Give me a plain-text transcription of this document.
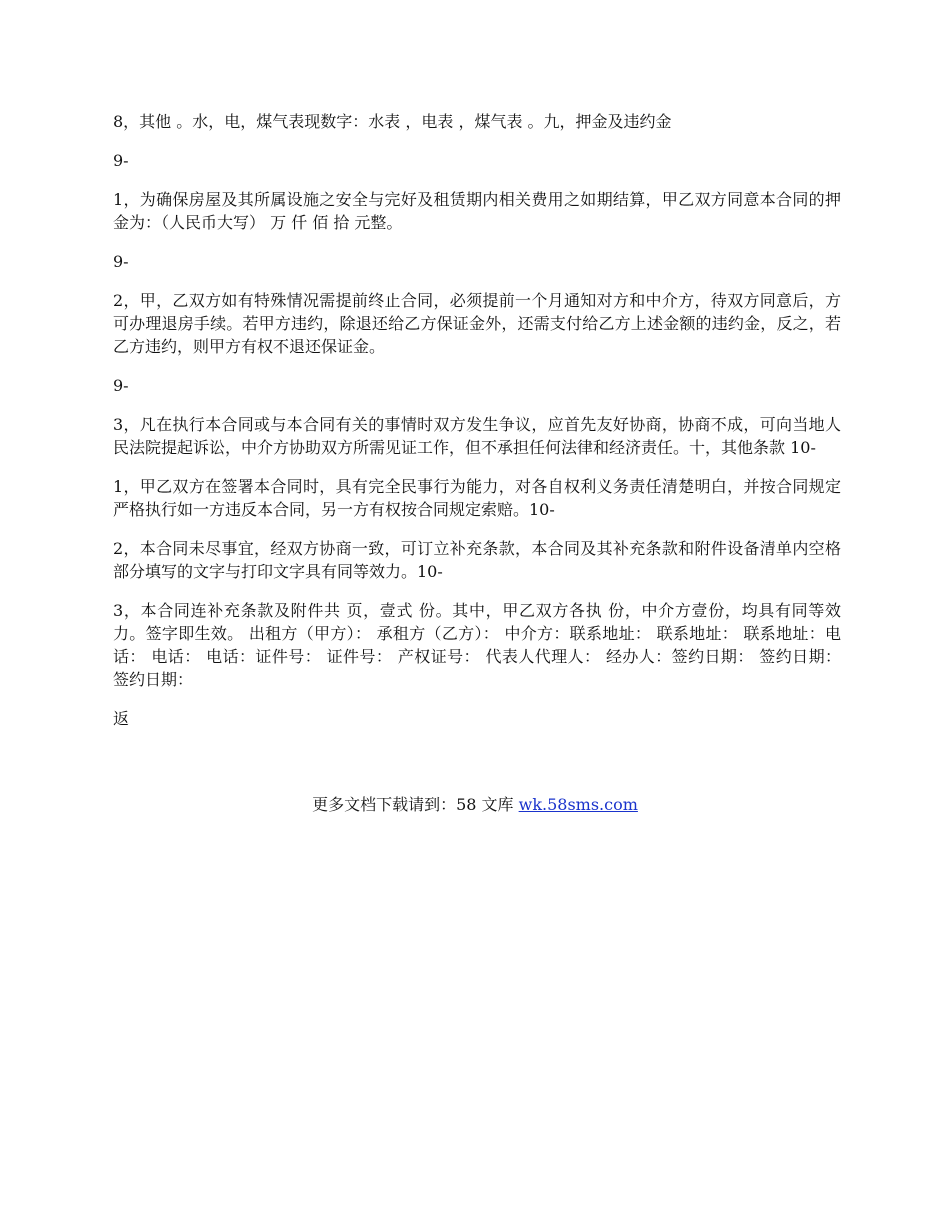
8，其他 。水，电，煤气表现数字：水表 ，电表 ，煤气表 。九，押金及违约金

9-

1，为确保房屋及其所属设施之安全与完好及租赁期内相关费用之如期结算，甲乙双方同意本合同的押金为：（人民币大写） 万 仟 佰 拾 元整。

9-

2，甲，乙双方如有特殊情况需提前终止合同，必须提前一个月通知对方和中介方，待双方同意后，方可办理退房手续。若甲方违约，除退还给乙方保证金外，还需支付给乙方上述金额的违约金，反之，若乙方违约，则甲方有权不退还保证金。

9-

3，凡在执行本合同或与本合同有关的事情时双方发生争议，应首先友好协商，协商不成，可向当地人民法院提起诉讼，中介方协助双方所需见证工作，但不承担任何法律和经济责任。十，其他条款 10-

1，甲乙双方在签署本合同时，具有完全民事行为能力，对各自权利义务责任清楚明白，并按合同规定严格执行如一方违反本合同，另一方有权按合同规定索赔。10-

2，本合同未尽事宜，经双方协商一致，可订立补充条款，本合同及其补充条款和附件设备清单内空格部分填写的文字与打印文字具有同等效力。10-

3，本合同连补充条款及附件共 页，壹式 份。其中，甲乙双方各执 份，中介方壹份，均具有同等效力。签字即生效。 出租方（甲方）： 承租方（乙方）： 中介方：联系地址： 联系地址： 联系地址：电话： 电话： 电话：证件号： 证件号： 产权证号： 代表人代理人： 经办人：签约日期： 签约日期： 签约日期：

返

更多文档下载请到：58 文库 wk.58sms.com
